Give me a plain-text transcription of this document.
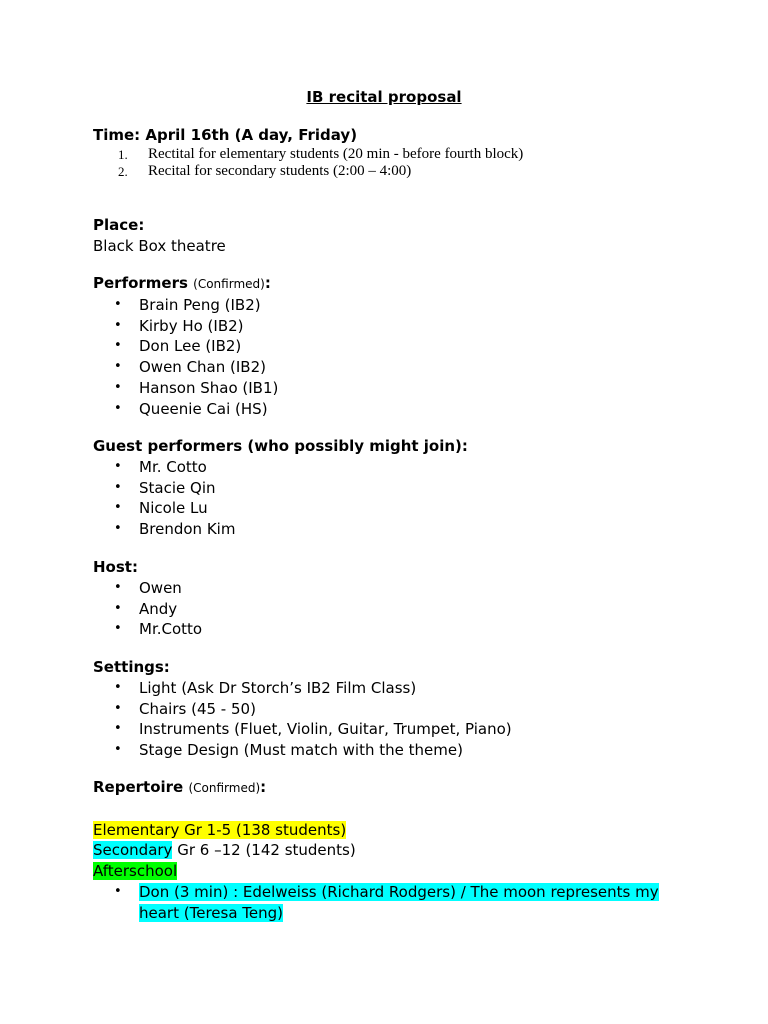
IB recital proposal
Time: April 16th (A day, Friday)
1. Rectital for elementary students (20 min - before fourth block)
2. Recital for secondary students (2:00 – 4:00)
Place:
Black Box theatre
Performers (Confirmed):
• Brain Peng (IB2)
• Kirby Ho (IB2)
• Don Lee (IB2)
• Owen Chan (IB2)
• Hanson Shao (IB1)
• Queenie Cai (HS)
Guest performers (who possibly might join):
• Mr. Cotto
• Stacie Qin
• Nicole Lu
• Brendon Kim
Host:
• Owen
• Andy
• Mr.Cotto
Settings:
• Light (Ask Dr Storch’s IB2 Film Class)
• Chairs (45 - 50)
• Instruments (Fluet, Violin, Guitar, Trumpet, Piano)
• Stage Design (Must match with the theme)
Repertoire (Confirmed):
Elementary Gr 1-5 (138 students)
Secondary Gr 6 –12 (142 students)
Afterschool
• Don (3 min) : Edelweiss (Richard Rodgers) / The moon represents my heart (Teresa Teng)
